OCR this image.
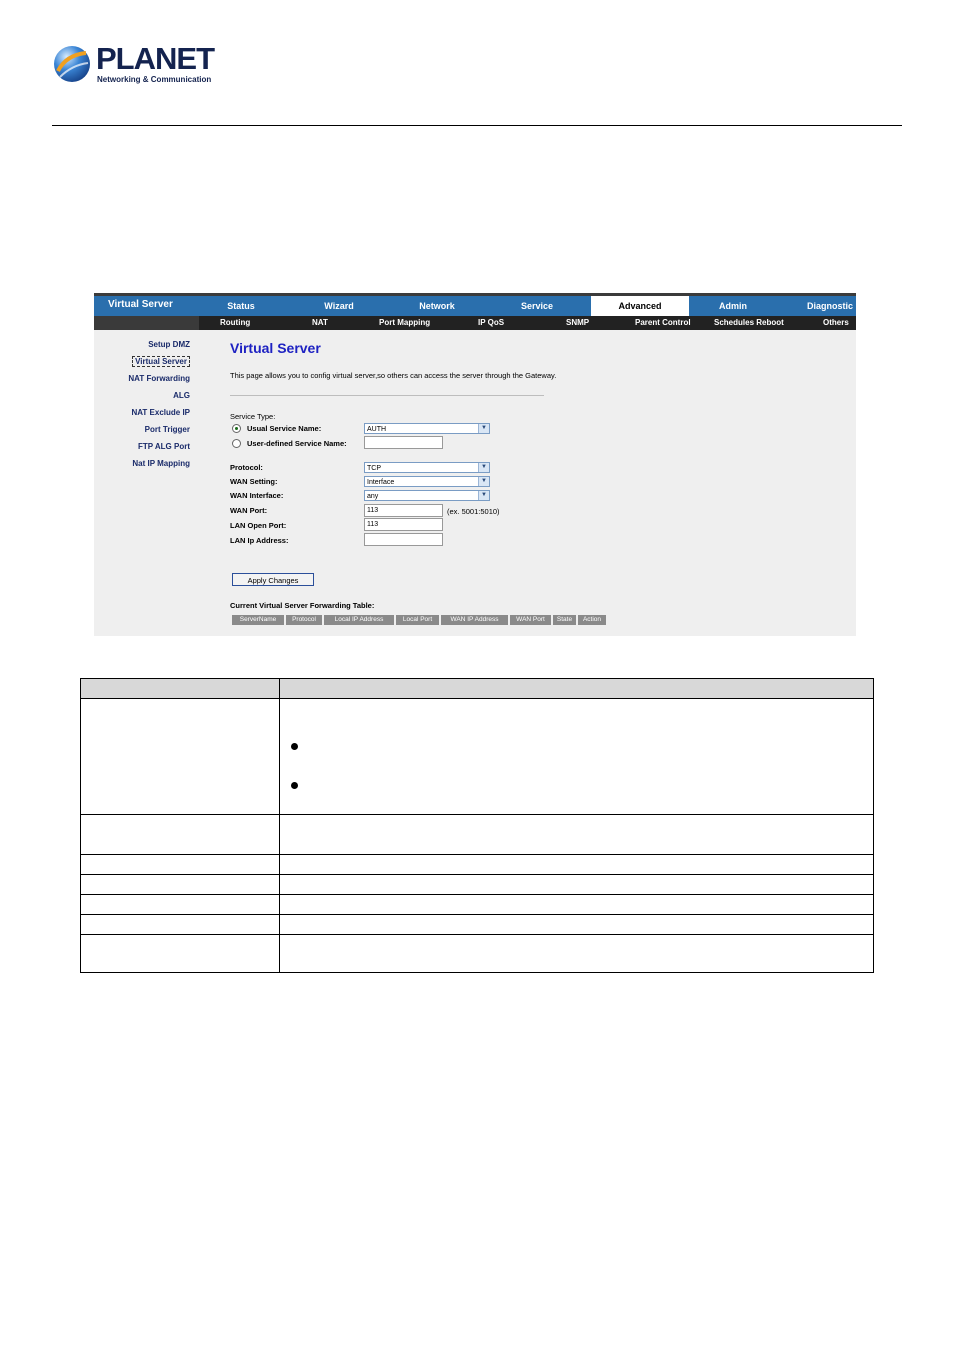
PLANET
Networking & Communication
Virtual Server	Status	Wizard	Network	Service	Advanced	Admin	Diagnostic
Routing	NAT	Port Mapping	IP QoS	SNMP	Parent Control	Schedules Reboot	Others
Setup DMZ
Virtual Server
NAT Forwarding
ALG
NAT Exclude IP
Port Trigger
FTP ALG Port
Nat IP Mapping
Virtual Server
This page allows you to config virtual server,so others can access the server through the Gateway.
Service Type:
Usual Service Name:	AUTH	▼
User-defined Service Name:
Protocol:	TCP	▼
WAN Setting:	Interface	▼
WAN Interface:	any	▼
WAN Port:	113	(ex. 5001:5010)
LAN Open Port:	113
LAN Ip Address:
Apply Changes
Current Virtual Server Forwarding Table:
ServerName	Protocol	Local IP Address	Local Port	WAN IP Address	WAN Port	State	Action
